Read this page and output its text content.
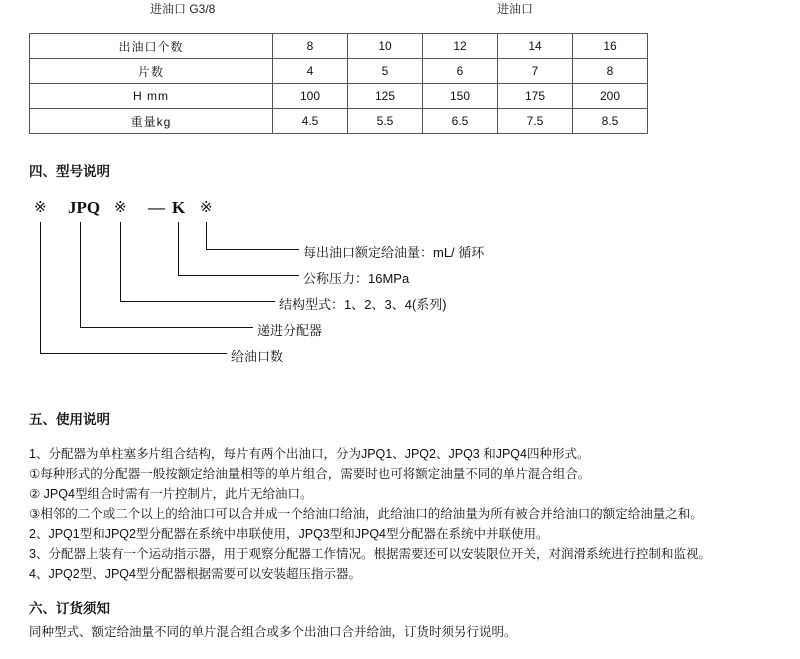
进油口 G3/8	进油口
出油口个数	8	10	12	14	16
片数	4	5	6	7	8
H mm	100	125	150	175	200
重量kg	4.5	5.5	6.5	7.5	8.5
四、型号说明
※ JPQ ※ — K ※
每出油口额定给油量：mL/ 循环
公称压力：16MPa
结构型式：1、2、3、4(系列)
递进分配器
给油口数
五、使用说明
1、分配器为单柱塞多片组合结构，每片有两个出油口，分为JPQ1、JPQ2、JPQ3 和JPQ4四种形式。
①每种形式的分配器一般按额定给油量相等的单片组合，需要时也可将额定油量不同的单片混合组合。
② JPQ4型组合时需有一片控制片，此片无给油口。
③相邻的二个或二个以上的给油口可以合并成一个给油口给油，此给油口的给油量为所有被合并给油口的额定给油量之和。
2、JPQ1型和JPQ2型分配器在系统中串联使用，JPQ3型和JPQ4型分配器在系统中并联使用。
3、分配器上装有一个运动指示器，用于观察分配器工作情况。根据需要还可以安装限位开关，对润滑系统进行控制和监视。
4、JPQ2型、JPQ4型分配器根据需要可以安装超压指示器。
六、订货须知
同种型式、额定给油量不同的单片混合组合或多个出油口合并给油，订货时须另行说明。
